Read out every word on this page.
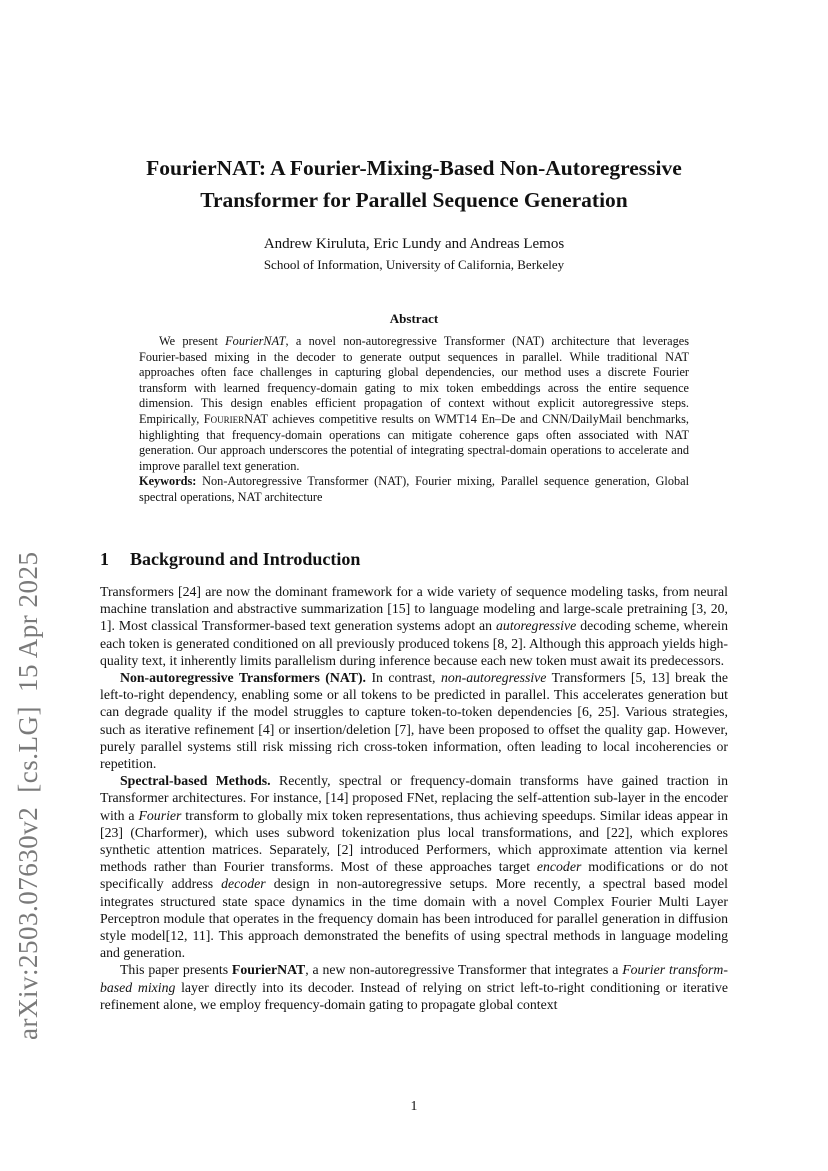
arXiv:2503.07630v2[cs.LG]15 Apr 2025
FourierNAT: A Fourier-Mixing-Based Non-Autoregressive
Transformer for Parallel Sequence Generation
Andrew Kiruluta, Eric Lundy and Andreas Lemos
School of Information, University of California, Berkeley
Abstract

We present FourierNAT, a novel non-autoregressive Transformer (NAT) architecture that leverages Fourier-based mixing in the decoder to generate output sequences in parallel. While traditional NAT approaches often face challenges in capturing global dependencies, our method uses a discrete Fourier transform with learned frequency-domain gating to mix token embeddings across the entire sequence dimension. This design enables efficient propagation of context without explicit autoregressive steps. Empirically, FourierNAT achieves competitive results on WMT14 En–De and CNN/DailyMail benchmarks, highlighting that frequency-domain operations can mitigate coherence gaps often associated with NAT generation. Our approach underscores the potential of integrating spectral-domain operations to accelerate and improve parallel text generation.

Keywords: Non-Autoregressive Transformer (NAT), Fourier mixing, Parallel sequence generation, Global spectral operations, NAT architecture

1 Background and Introduction

Transformers [24] are now the dominant framework for a wide variety of sequence modeling tasks, from neural machine translation and abstractive summarization [15] to language modeling and large-scale pretraining [3, 20, 1]. Most classical Transformer-based text generation systems adopt an autoregressive decoding scheme, wherein each token is generated conditioned on all previously produced tokens [8, 2]. Although this approach yields high-quality text, it inherently limits parallelism during inference because each new token must await its predecessors.

Non-autoregressive Transformers (NAT). In contrast, non-autoregressive Transformers [5, 13] break the left-to-right dependency, enabling some or all tokens to be predicted in parallel. This accelerates generation but can degrade quality if the model struggles to capture token-to-token dependencies [6, 25]. Various strategies, such as iterative refinement [4] or insertion/deletion [7], have been proposed to offset the quality gap. However, purely parallel systems still risk missing rich cross-token information, often leading to local incoherencies or repetition.

Spectral-based Methods. Recently, spectral or frequency-domain transforms have gained traction in Transformer architectures. For instance, [14] proposed FNet, replacing the self-attention sub-layer in the encoder with a Fourier transform to globally mix token representations, thus achieving speedups. Similar ideas appear in [23] (Charformer), which uses subword tokenization plus local transformations, and [22], which explores synthetic attention matrices. Separately, [2] introduced Performers, which approximate attention via kernel methods rather than Fourier transforms. Most of these approaches target encoder modifications or do not specifically address decoder design in non-autoregressive setups. More recently, a spectral based model integrates structured state space dynamics in the time domain with a novel Complex Fourier Multi Layer Perceptron module that operates in the frequency domain has been introduced for parallel generation in diffusion style model[12, 11]. This approach demonstrated the benefits of using spectral methods in language modeling and generation.

This paper presents FourierNAT, a new non-autoregressive Transformer that integrates a Fourier transform-based mixing layer directly into its decoder. Instead of relying on strict left-to-right conditioning or iterative refinement alone, we employ frequency-domain gating to propagate global context

1
